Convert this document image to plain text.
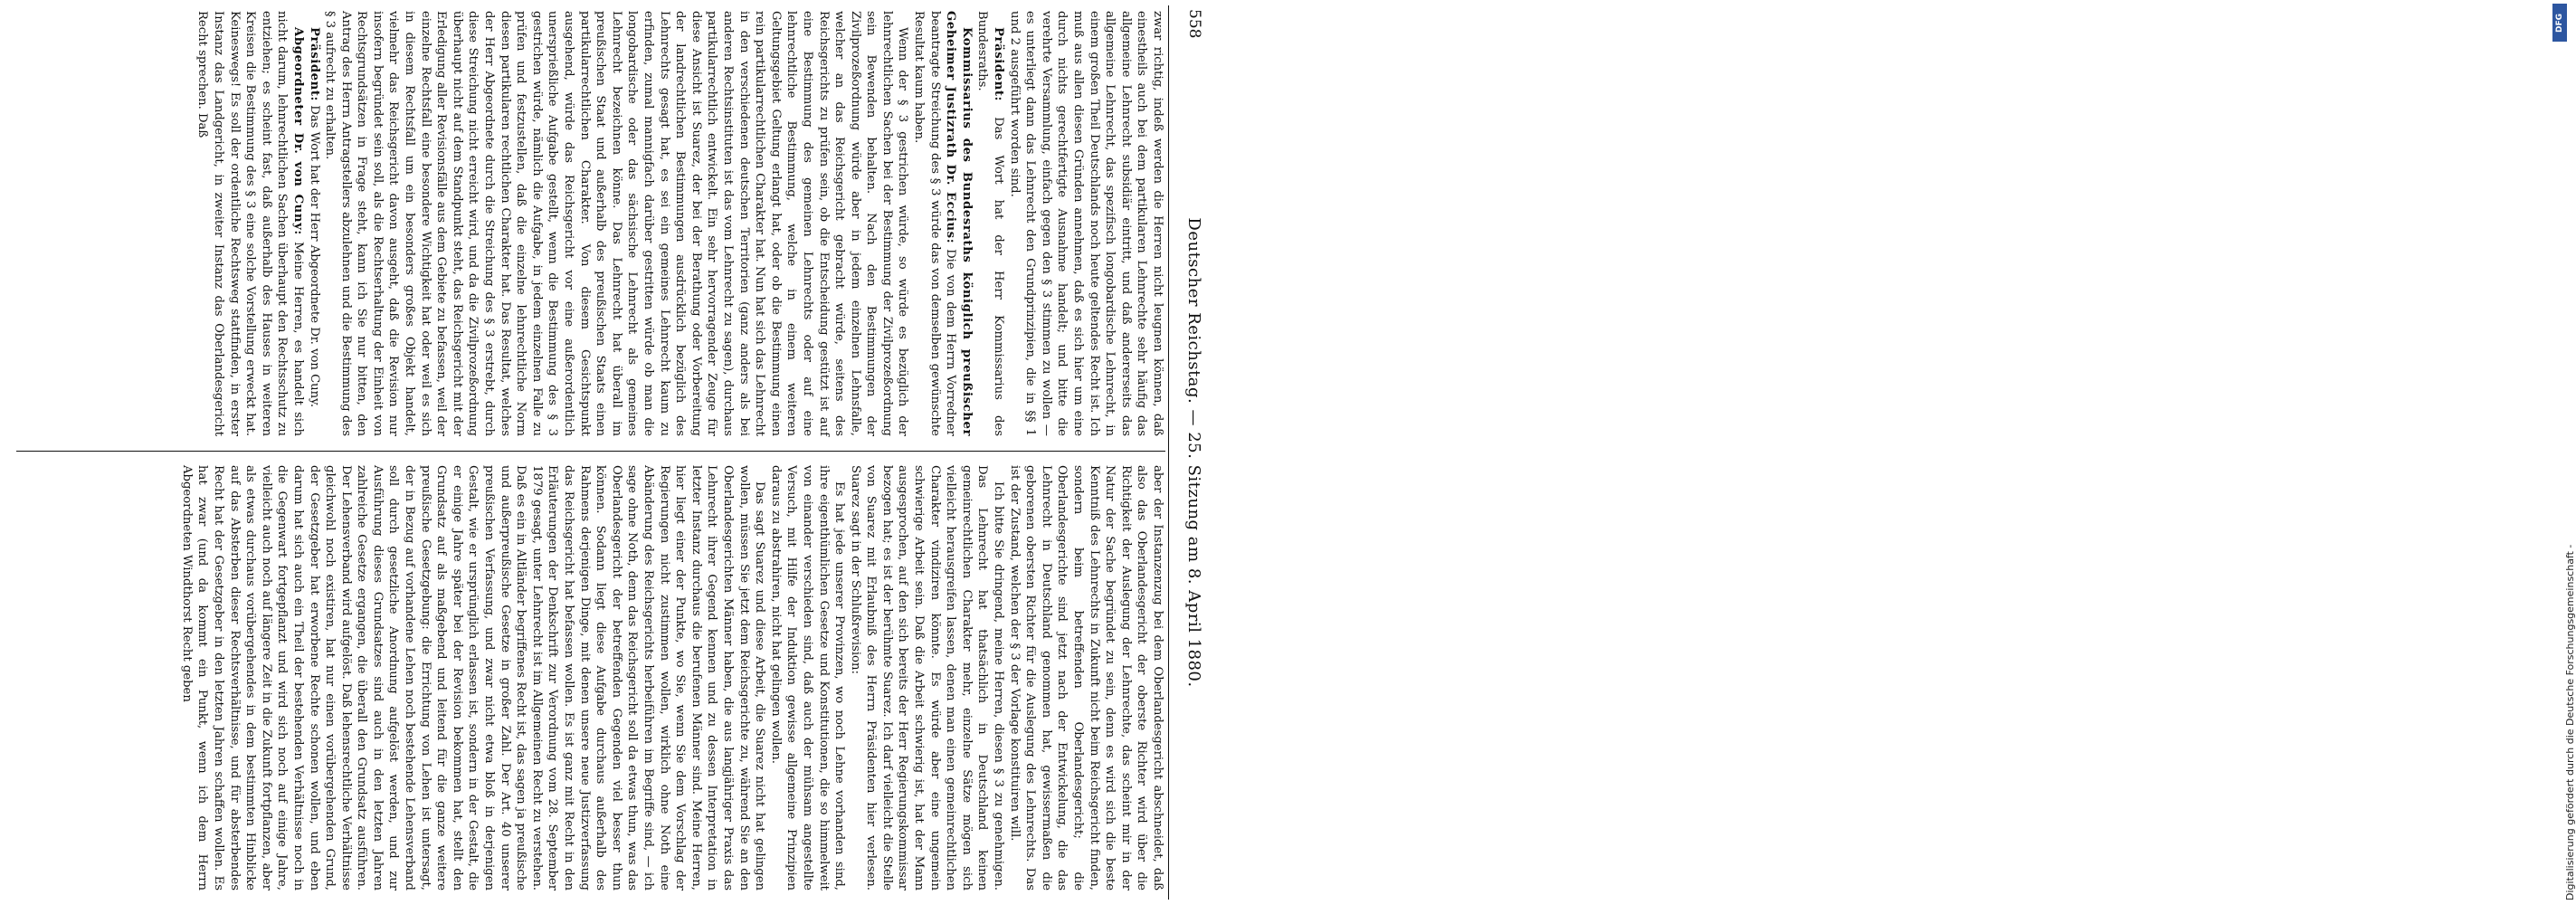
558
Deutscher Reichstag. — 25. Sitzung am 8. April 1880.

zwar richtig, indeß werden die Herren nicht leugnen können, daß einestheils auch bei dem partikularen Lehnrechte sehr häufig das allgemeine Lehnrecht subsidiär eintritt, und daß andererseits das allgemeine Lehnrecht, das spezifisch longobardische Lehnrecht, in einem großen Theil Deutschlands noch heute geltendes Recht ist. Ich muß aus allen diesen Gründen annehmen, daß es sich hier um eine durch nichts gerechtfertigte Ausnahme handelt; und bitte die verehrte Versammlung, einfach gegen den § 3 stimmen zu wollen — es unterliegt dann das Lehnrecht den Grundprinzipien, die in §§ 1 und 2 ausgeführt worden sind.

Präsident: Das Wort hat der Herr Kommissarius des Bundesraths.

Kommissarius des Bundesraths königlich preußischer Geheimer Justizrath Dr. Eccius: Die von dem Herrn Vorredner beantragte Streichung des § 3 würde das von demselben gewünschte Resultat kaum haben.

Wenn der § 3 gestrichen würde, so würde es bezüglich der lehnrechtlichen Sachen bei der Bestimmung der Zivilprozeßordnung sein Bewenden behalten. Nach den Bestimmungen der Zivilprozeßordnung würde aber in jedem einzelnen Lehnsfalle, welcher an das Reichsgericht gebracht würde, seitens des Reichsgerichts zu prüfen sein, ob die Entscheidung gestützt ist auf eine Bestimmung des gemeinen Lehnrechts oder auf eine lehnrechtliche Bestimmung, welche in einem weiteren Geltungsgebiet Geltung erlangt hat, oder ob die Bestimmung einen rein partikularrechtlichen Charakter hat. Nun hat sich das Lehnrecht in den verschiedenen deutschen Territorien (ganz anders als bei anderen Rechtsinstituten ist das vom Lehnrecht zu sagen), durchaus partikularrechtlich entwickelt. Ein sehr hervorragender Zeuge für diese Ansicht ist Suarez, der bei der Berathung oder Vorbereitung der landrechtlichen Bestimmungen ausdrücklich bezüglich des Lehnrechts gesagt hat, es sei ein gemeines Lehnrecht kaum zu erfinden, zumal mannigfach darüber gestritten würde ob man die longobardische oder das sächsische Lehnrecht als gemeines Lehnrecht bezeichnen könne. Das Lehnrecht hat überall im preußischen Staat und außerhalb des preußischen Staats einen partikularrechtlichen Charakter. Von diesem Gesichtspunkt ausgehend, würde das Reichsgericht vor eine außerordentlich unersprießliche Aufgabe gestellt, wenn die Bestimmung des § 3 gestrichen würde, nämlich die Aufgabe, in jedem einzelnen Falle zu prüfen und festzustellen, daß die einzelne lehnrechtliche Norm diesen partikularen rechtlichen Charakter hat. Das Resultat, welches der Herr Abgeordnete durch die Streichung des § 3 erstrebt, durch diese Streichung nicht erreicht wird, und da die Zivilprozeßordnung überhaupt nicht auf dem Standpunkt steht, das Reichsgericht mit der Erledigung aller Revisionsfälle aus dem Gebiete zu befassen, weil der einzelne Rechtsfall eine besondere Wichtigkeit hat oder weil es sich in diesem Rechtsfall um ein besonders großes Objekt handelt, vielmehr das Reichsgericht davon ausgeht, daß die Revision nur insofern begründet sein soll, als die Rechtserhaltung der Einheit von Rechtsgrundsätzen in Frage steht, kann ich Sie nur bitten, den Antrag des Herrn Antragstellers abzulehnen und die Bestimmung des § 3 aufrecht zu erhalten.

Präsident: Das Wort hat der Herr Abgeordnete Dr. von Cuny.

Abgeordneter Dr. von Cuny: Meine Herren, es handelt sich nicht darum, lehnrechtlichen Sachen überhaupt den Rechtsschutz zu entziehen; es scheint fast, daß außerhalb des Hauses in weiteren Kreisen die Bestimmung des § 3 eine solche Vorstellung erweckt hat. Keineswegs! Es soll der ordentliche Rechtsweg stattfinden, in erster Instanz das Landgericht, in zweiter Instanz das Oberlandesgericht Recht sprechen. Daß

aber der Instanzenzug bei dem Oberlandesgericht abschneidet, daß also das Oberlandesgericht der oberste Richter wird über die Richtigkeit der Auslegung der Lehnrechte, das scheint mir in der Natur der Sache begründet zu sein, denn es wird sich die beste Kenntniß des Lehnrechts in Zukunft nicht beim Reichsgericht finden, sondern beim betreffenden Oberlandesgericht; die Oberlandesgerichte sind jetzt nach der Entwickelung, die das Lehnrecht in Deutschland genommen hat, gewissermaßen die geborenen obersten Richter für die Auslegung des Lehnrechts. Das ist der Zustand, welchen der § 3 der Vorlage konstituiren will.

Ich bitte Sie dringend, meine Herren, diesen § 3 zu genehmigen. Das Lehnrecht hat thatsächlich in Deutschland keinen gemeinrechtlichen Charakter mehr, einzelne Sätze mögen sich vielleicht herausgreifen lassen, denen man einen gemeinrechtlichen Charakter vindiziren könnte. Es würde aber eine ungemein schwierige Arbeit sein. Daß die Arbeit schwierig ist, hat der Mann ausgesprochen, auf den sich bereits der Herr Regierungskommissar bezogen hat; es ist der berühmte Suarez. Ich darf vielleicht die Stelle von Suarez mit Erlaubniß des Herrn Präsidenten hier verlesen. Suarez sagt in der Schlußrevision:

Es hat jede unserer Provinzen, wo noch Lehne vorhanden sind, ihre eigenthümlichen Gesetze und Konstitutionen, die so himmelweit von einander verschieden sind, daß auch der mühsam angestellte Versuch, mit Hilfe der Induktion gewisse allgemeine Prinzipien daraus zu abstrahiren, nicht hat gelingen wollen.

Das sagt Suarez und diese Arbeit, die Suarez nicht hat gelingen wollen, müssen Sie jetzt dem Reichsgerichte zu, während Sie an den Oberlandesgerichten Männer haben, die aus langjähriger Praxis das Lehnrecht ihrer Gegend kennen und zu dessen Interpretation in letzter Instanz durchaus die berufenen Männer sind. Meine Herren, hier liegt einer der Punkte, wo Sie, wenn Sie dem Vorschlag der Regierungen nicht zustimmen wollen, wirklich ohne Noth eine Abänderung des Reichsgerichts herbeiführen im Begriffe sind, — ich sage ohne Noth, denn das Reichsgericht soll da etwas thun, was das Oberlandesgericht der betreffenden Gegenden viel besser thun können. Sodann liegt diese Aufgabe durchaus außerhalb des Rahmens derjenigen Dinge, mit denen unsere neue Justizverfassung das Reichsgericht hat befassen wollen. Es ist ganz mit Recht in den Erläuterungen der Denkschrift zur Verordnung vom 28. September 1879 gesagt, unter Lehnrecht ist im Allgemeinen Recht zu verstehen. Daß es ein in Altländer begriffenes Recht ist, das sagen ja preußische und außerpreußische Gesetze in großer Zahl. Der Art. 40 unserer preußischen Verfassung, und zwar nicht etwa bloß in derjenigen Gestalt, wie er ursprünglich erlassen ist, sondern in der Gestalt, die er einige Jahre später bei der Revision bekommen hat, stellt den Grundsatz auf als maßgebend und leitend für die ganze weitere preußische Gesetzgebung: die Errichtung von Lehen ist untersagt, der in Bezug auf vorhandene Lehen noch bestehende Lehensverband soll durch gesetzliche Anordnung aufgelöst werden, und zur Ausführung dieses Grundsatzes sind auch in den letzten Jahren zahlreiche Gesetze ergangen, die überall den Grundsatz ausführen. Der Lehensverband wird aufgelöst. Daß lehensrechtliche Verhältnisse gleichwohl noch existiren, hat nur einen vorübergehenden Grund, der Gesetzgeber hat erworbene Rechte schonen wollen, und eben darum hat sich auch ein Theil der bestehenden Verhältnisse noch in die Gegenwart fortgepflanzt und wird sich noch auf einige Jahre, vielleicht auch noch auf längere Zeit in die Zukunft fortpflanzen, aber als etwas durchaus vorübergehendes in dem bestimmten Hinblicke auf das Absterben dieser Rechtsverhältnisse, und für absterbendes Recht hat der Gesetzgeber in den letzten Jahren schaffen wollen. Es hat zwar (und da kommt ein Punkt, wenn ich dem Herrn Abgeordneten Windthorst Recht geben	Digitalisierung gefördert durch die Deutsche Forschungsgemeinschaft -
DFG
